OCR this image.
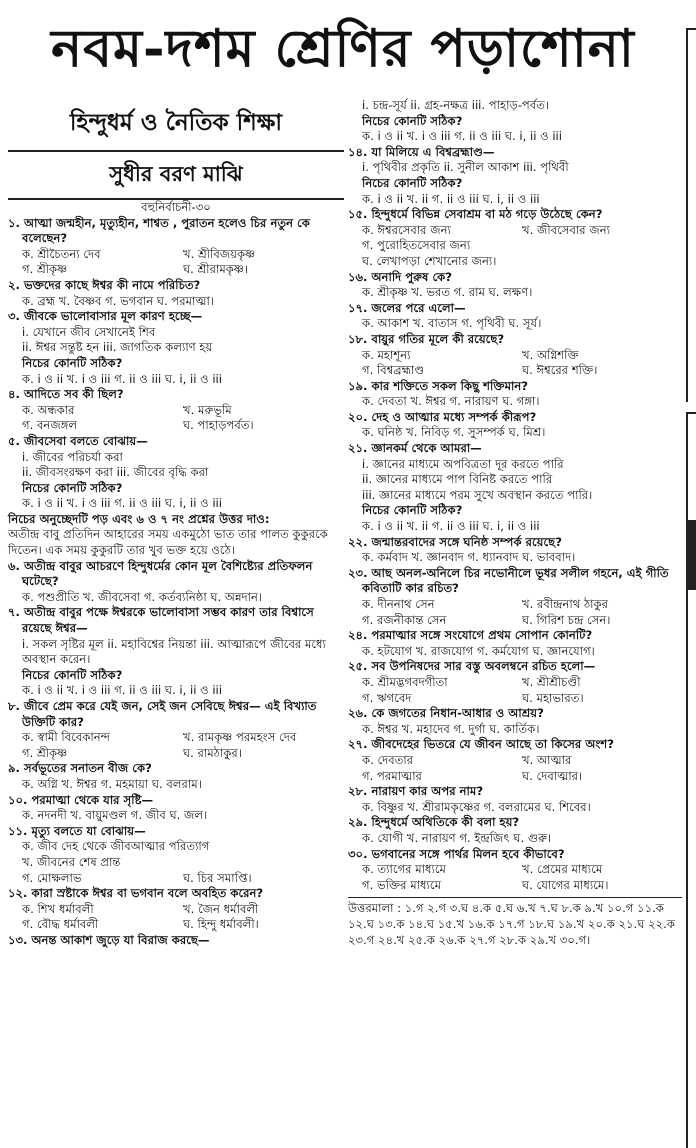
নবম-দশম শ্রেণির পড়াশোনা
হিন্দুধর্ম ও নৈতিক শিক্ষা
সুধীর বরণ মাঝি
বহুনির্বাচনী-৩০
১. আত্মা জন্মহীন, মৃত্যুহীন, শাশ্বত , পুরাতন হলেও চির নতুন কে বলেছেন?
ক. শ্রীচৈতন্য দেব	খ. শ্রীবিজয়কৃষ্ণ
গ. শ্রীকৃষ্ণ	ঘ. শ্রীরামকৃষ্ণ।
২. ভক্তদের কাছে ঈশ্বর কী নামে পরিচিত?
ক. ব্রহ্ম খ. বৈষ্ণব গ. ভগবান ঘ. পরমাত্মা।
৩. জীবকে ভালোবাসার মূল কারণ হচ্ছে—
i. যেখানে জীব সেখানেই শিব
ii. ঈশ্বর সন্তুষ্ট হন iii. জাগতিক কল্যাণ হয়
নিচের কোনটি সঠিক?
ক. i ও ii খ. i ও iii গ. ii ও iii ঘ. i, ii ও iii
৪. আদিতে সব কী ছিল?
ক. অন্ধকার	খ. মরুভূমি
গ. বনজঙ্গল	ঘ. পাহাড়পর্বত।
৫. জীবসেবা বলতে বোঝায়—
i. জীবের পরিচর্যা করা
ii. জীবসংরক্ষণ করা iii. জীবের বৃদ্ধি করা
নিচের কোনটি সঠিক?
ক. i ও ii খ. i ও iii গ. ii ও iii ঘ. i, ii ও iii
নিচের অনুচ্ছেদটি পড় এবং ৬ ও ৭ নং প্রশ্নের উত্তর দাও:
অতীন্দ্র বাবু প্রতিদিন আহারের সময় একমুঠো ভাত তার পালত কুকুরকে দিতেন। এক সময় কুকুরটি তার খুব ভক্ত হয়ে ওঠে।
৬. অতীন্দ্র বাবুর আচরণে হিন্দুধর্মের কোন মূল বৈশিষ্ট্যের প্রতিফলন ঘটেছে?
ক. পশুপ্রীতি খ. জীবসেবা গ. কর্তব্যনিষ্ঠা ঘ. অন্নদান।
৭. অতীন্দ্র বাবুর পক্ষে ঈশ্বরকে ভালোবাসা সম্ভব কারণ তার বিশ্বাসে রয়েছে ঈশ্বর—
i. সকল সৃষ্টির মূল ii. মহাবিশ্বের নিয়ন্তা iii. আত্মারূপে জীবের মধ্যে অবস্থান করেন।
নিচের কোনটি সঠিক?
ক. i ও ii খ. i ও iii গ. ii ও iii ঘ. i, ii ও iii
৮. জীবে প্রেম করে যেই জন, সেই জন সেবিছে ঈশ্বর— এই বিখ্যাত উক্তিটি কার?
ক. স্বামী বিবেকানন্দ	খ. রামকৃষ্ণ পরমহংস দেব
গ. শ্রীকৃষ্ণ	ঘ. রামঠাকুর।
৯. সর্বভূতের সনাতন বীজ কে?
ক. অগ্নি খ. ঈশ্বর গ. মহমায়া ঘ. বলরাম।
১০. পরমাত্মা থেকে যার সৃষ্টি—
ক. নদনদী খ. বায়ুমণ্ডল গ. জীব ঘ. জল।
১১. মৃত্যু বলতে যা বোঝায়—
ক. জীব দেহ থেকে জীবআত্মার পরিত্যাগ
খ. জীবনের শেষ প্রান্ত
গ. মোক্ষলাভ	ঘ. চির সমাপ্তি।
১২. কারা স্রষ্টাকে ঈশ্বর বা ভগবান বলে অবহিত করেন?
ক. শিখ ধর্মাবলী	খ. জৈন ধর্মাবলী
গ. বৌদ্ধ ধর্মাবলী	ঘ. হিন্দু ধর্মাবলী।
১৩. অনন্ত আকাশ জুড়ে যা বিরাজ করছে—
i. চন্দ্র-সূর্য ii. গ্রহ-নক্ষত্র iii. পাহাড়-পর্বত।
নিচের কোনটি সঠিক?
ক. i ও ii খ. i ও iii গ. ii ও iii ঘ. i, ii ও iii
১৪. যা মিলিয়ে এ বিশ্বব্রহ্মাণ্ড—
i. পৃথিবীর প্রকৃতি ii. সুনীল আকাশ iii. পৃথিবী
নিচের কোনটি সঠিক?
ক. i ও ii খ. ii গ. ii ও iii ঘ. i, ii ও iii
১৫. হিন্দুধর্মে বিভিন্ন সেবাশ্রম বা মঠ গড়ে উঠেছে কেন?
ক. ঈশ্বরসেবার জন্য	খ. জীবসেবার জন্য
গ. পুরোহিতসেবার জন্য
ঘ. লেখাপড়া শেখানোর জন্য।
১৬. অনাদি পুরুষ কে?
ক. শ্রীকৃষ্ণ খ. ভরত গ. রাম ঘ. লক্ষণ।
১৭. জলের পরে এলো—
ক. আকাশ খ. বাতাস গ. পৃথিবী ঘ. সূর্য।
১৮. বায়ুর গতির মূলে কী রয়েছে?
ক. মহাশূন্য	খ. অগ্নিশক্তি
গ. বিশ্বব্রহ্মাণ্ড	ঘ. ঈশ্বরের শক্তি।
১৯. কার শক্তিতে সকল কিছু শক্তিমান?
ক. দেবতা খ. ঈশ্বর গ. নারায়ণ ঘ. গঙ্গা।
২০. দেহ ও আত্মার মধ্যে সম্পর্ক কীরূপ?
ক. ঘনিষ্ঠ খ. নিবিড় গ. সুসম্পর্ক ঘ. মিশ্র।
২১. জ্ঞানকর্ম থেকে আমরা—
i. জ্ঞানের মাধ্যমে অপবিত্রতা দূর করতে পারি
ii. জ্ঞানের মাধ্যমে পাপ বিনিষ্ট করতে পারি
iii. জ্ঞানের মাধ্যমে পরম সুখে অবস্থান করতে পারি।
নিচের কোনটি সঠিক?
ক. i ও ii খ. ii গ. ii ও iii ঘ. i, ii ও iii
২২. জন্মান্তরবাদের সঙ্গে ঘনিষ্ঠ সম্পর্ক রয়েছে?
ক. কর্মবাদ খ. জ্ঞানবাদ গ. ধ্যানবাদ ঘ. ভাববাদ।
২৩. আছ অনল-অনিলে চির নভোনীলে ভূধর সলীল গহনে, এই গীতি কবিতাটি কার রচিত?
ক. দীননাথ সেন	খ. রবীন্দ্রনাথ ঠাকুর
গ. রজনীকান্ত সেন	ঘ. গিরিশ চন্দ্র সেন।
২৪. পরমাত্মার সঙ্গে সংযোগে প্রথম সোপান কোনটি?
ক. হটযোগ খ. রাজযোগ গ. কর্মযোগ ঘ. জ্ঞানযোগ।
২৫. সব উপনিষদের সার বস্তু অবলম্বনে রচিত হলো—
ক. শ্রীমদ্ভগবদগীতা	খ. শ্রীশ্রীচণ্ডী
গ. ঋগবেদ	ঘ. মহাভারত।
২৬. কে জগতের নিধান-আধার ও আশ্রয়?
ক. ঈশ্বর খ. মহাদেব গ. দুর্গা ঘ. কার্তিক।
২৭. জীবদেহের ভিতরে যে জীবন আছে তা কিসের অংশ?
ক. দেবতার	খ. আত্মার
গ. পরমাত্মার	ঘ. দেবাত্মার।
২৮. নারায়ণ কার অপর নাম?
ক. বিষ্ণুর খ. শ্রীরামকৃষ্ণের গ. বলরামের ঘ. শিবের।
২৯. হিন্দুধর্মে অথিতিকে কী বলা হয়?
ক. যোগী খ. নারায়ণ গ. ইন্দ্রজিৎ ঘ. গুরু।
৩০. ভগবানের সঙ্গে পার্থর মিলন হবে কীভাবে?
ক. ত্যাগের মাধ্যমে	খ. প্রেমের মাধ্যমে
গ. ভক্তির মাধ্যমে	ঘ. যোগের মাধ্যমে।
উত্তরমালা : ১.গ ২.গ ৩.ঘ ৪.ক ৫.ঘ ৬.খ ৭.ঘ ৮.ক ৯.খ ১০.গ ১১.ক ১২.ঘ ১৩.ক ১৪.ঘ ১৫.খ ১৬.ক ১৭.গ ১৮.ঘ ১৯.খ ২০.ক ২১.ঘ ২২.ক ২৩.গ ২৪.খ ২৫.ক ২৬.ক ২৭.গ ২৮.ক ২৯.খ ৩০.গ।
